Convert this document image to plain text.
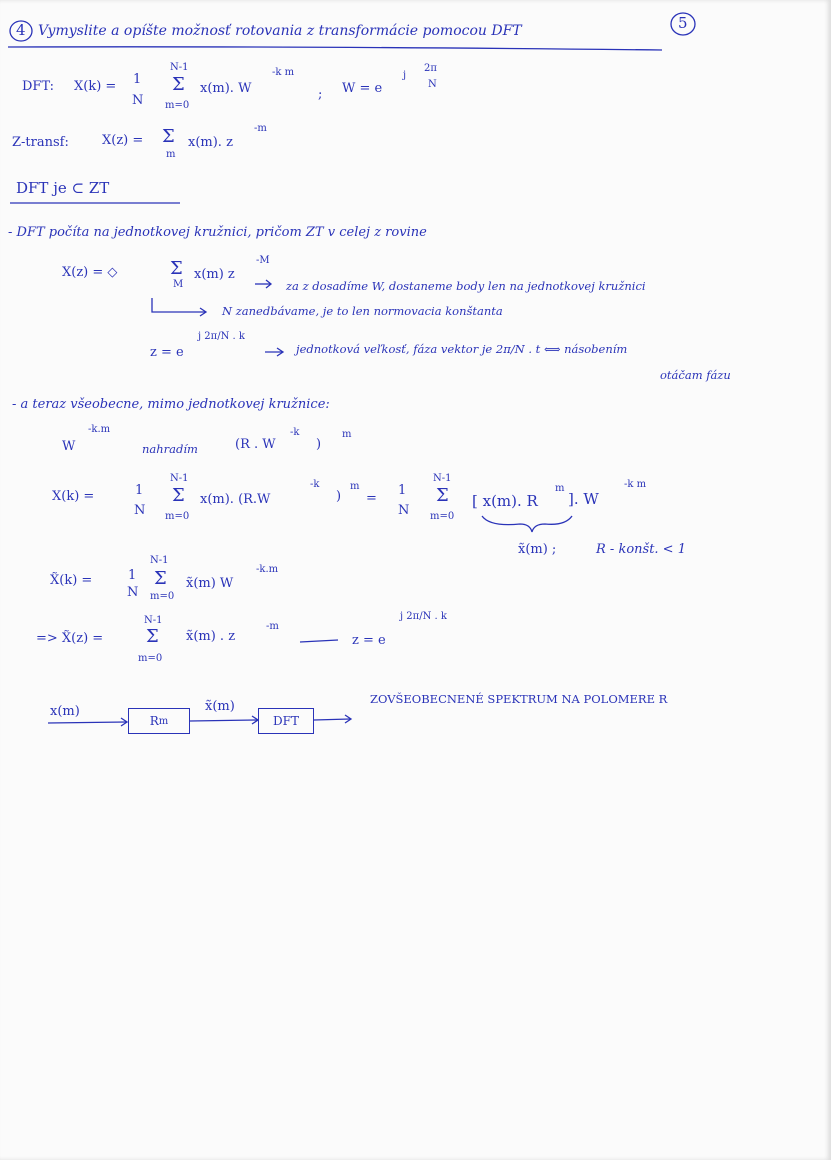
4 Vymyslite a opíšte možnosť rotovania z transformácie pomocou DFT	5
DFT: X(k) = 1
N
N-1
Σ
m=0
x(m). W
-k m
; W = e
j
2π
N
Z-transf:	X(z) = Σ
m
x(m). z
-m
DFT je ⊂ ZT
- DFT počíta na jednotkovej kružnici, pričom ZT v celej z rovine
X(z) = ◇	Σ
M
x(m) z
-M
za z dosadíme W, dostaneme body len na jednotkovej kružnici
N zanedbávame, je to len normovacia konštanta
z = e
j 2π/N . k
jednotková veľkosť, fáza vektor je 2π/N . t ⟺ násobením
otáčam fázu
- a teraz všeobecne, mimo jednotkovej kružnice:
W
-k.m
nahradím	(R . W
-k
)
m
X(k) =	1
N
N-1
Σ
m=0
x(m). (R.W
-k
)
m
=
1
N
N-1
Σ
m=0
[ x(m). R
m
]. W
-k m
x̃(m) ;	R - konšt. < 1
X̃(k) =	1
N
N-1
Σ
m=0
x̃(m) W
-k.m
=> X̃(z) =
N-1
Σ
m=0
x̃(m) . z
-m
z = e
j 2π/N . k
x(m)
R m
x̃(m)
DFT
ZOVŠEOBECNENÉ SPEKTRUM NA POLOMERE R
